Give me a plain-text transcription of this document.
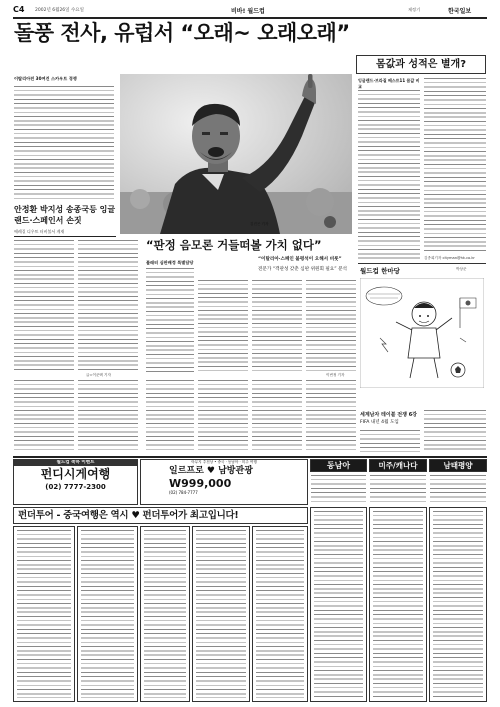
C4 2002년 6월26일 수요일	비바! 월드컵	제정기	한국일보
돌풍 전사, 유럽서 “오래~ 오래오래”
몸값과 성적은 별개?
이탈리아전 30여건 스카우트 경쟁
김진곤 기자
안정환 박지성 송종국등 잉글랜드·스페인서 손짓
에레질 디우트 터비볼서 게재
글=이준택 기자
“판정 음모론 거들떠볼 가치 없다”
블래터 심판배정 특별담당
“이탈리아·스페인 불평석이 오해서 비롯”
전문가 “객관성 갖춘 심판 위원회 필요” 분석
이번정 기자
잉글랜드·브라질 베스트11 몸값 비교
김종희기자 cityman@hk.co.kr
월드컵 한마당	박상준
세계남자 테이블 전쟁 6강
FIFA 내년 4월 도입
월드컵 축하 이벤트
펀디시게여행
(02) 7777-2300
아무지 추천상 • 중국 · 동남아 · 미주 여행
일르프로 ♥ 남방관광
W999,000
(02) 784-7777
동남아	미주/캐나다	남태평양
펀더투어 - 중국여행은 역시 ♥ 펀더투어가 최고입니다!
